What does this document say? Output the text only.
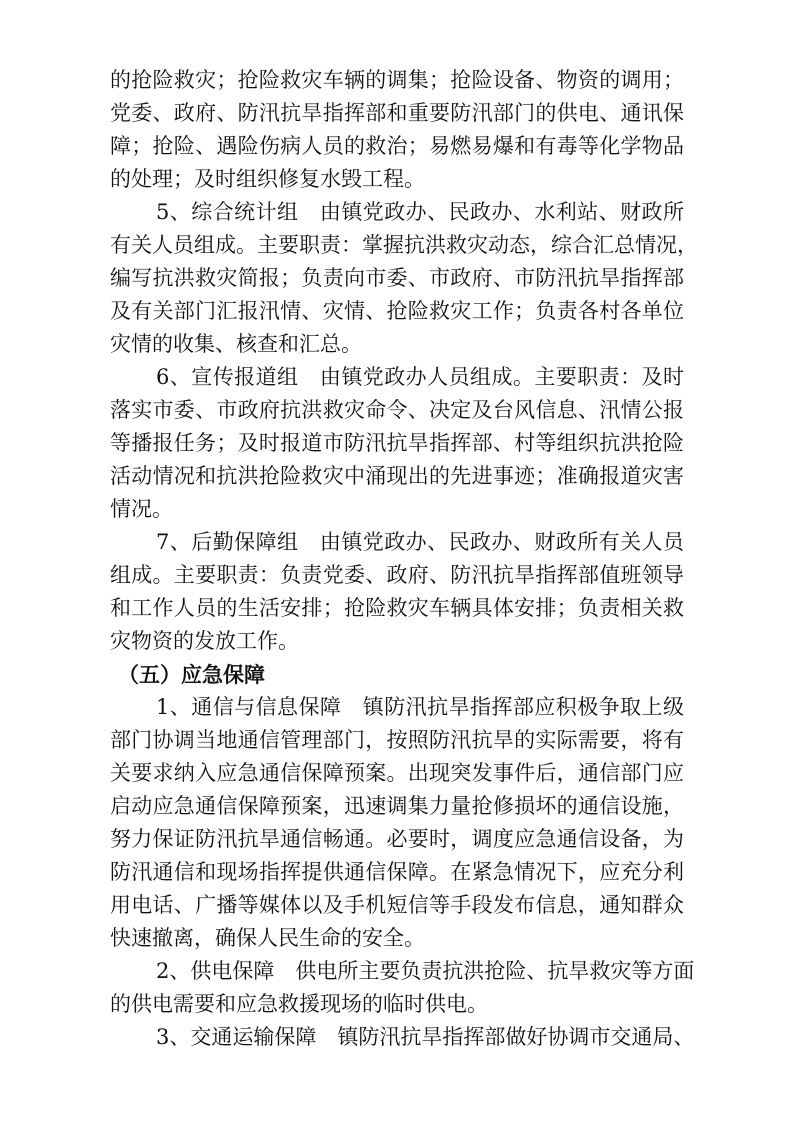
的抢险救灾；抢险救灾车辆的调集；抢险设备、物资的调用；
党委、政府、防汛抗旱指挥部和重要防汛部门的供电、通讯保
障；抢险、遇险伤病人员的救治；易燃易爆和有毒等化学物品
的处理；及时组织修复水毁工程。
5、综合统计组　由镇党政办、民政办、水利站、财政所
有关人员组成。主要职责：掌握抗洪救灾动态，综合汇总情况，
编写抗洪救灾简报；负责向市委、市政府、市防汛抗旱指挥部
及有关部门汇报汛情、灾情、抢险救灾工作；负责各村各单位
灾情的收集、核查和汇总。
6、宣传报道组　由镇党政办人员组成。主要职责：及时
落实市委、市政府抗洪救灾命令、决定及台风信息、汛情公报
等播报任务；及时报道市防汛抗旱指挥部、村等组织抗洪抢险
活动情况和抗洪抢险救灾中涌现出的先进事迹；准确报道灾害
情况。
7、后勤保障组　由镇党政办、民政办、财政所有关人员
组成。主要职责：负责党委、政府、防汛抗旱指挥部值班领导
和工作人员的生活安排；抢险救灾车辆具体安排；负责相关救
灾物资的发放工作。
（五）应急保障
1、通信与信息保障　镇防汛抗旱指挥部应积极争取上级
部门协调当地通信管理部门，按照防汛抗旱的实际需要，将有
关要求纳入应急通信保障预案。出现突发事件后，通信部门应
启动应急通信保障预案，迅速调集力量抢修损坏的通信设施，
努力保证防汛抗旱通信畅通。必要时，调度应急通信设备，为
防汛通信和现场指挥提供通信保障。在紧急情况下，应充分利
用电话、广播等媒体以及手机短信等手段发布信息，通知群众
快速撤离，确保人民生命的安全。
2、供电保障　供电所主要负责抗洪抢险、抗旱救灾等方面
的供电需要和应急救援现场的临时供电。
3、交通运输保障　镇防汛抗旱指挥部做好协调市交通局、
